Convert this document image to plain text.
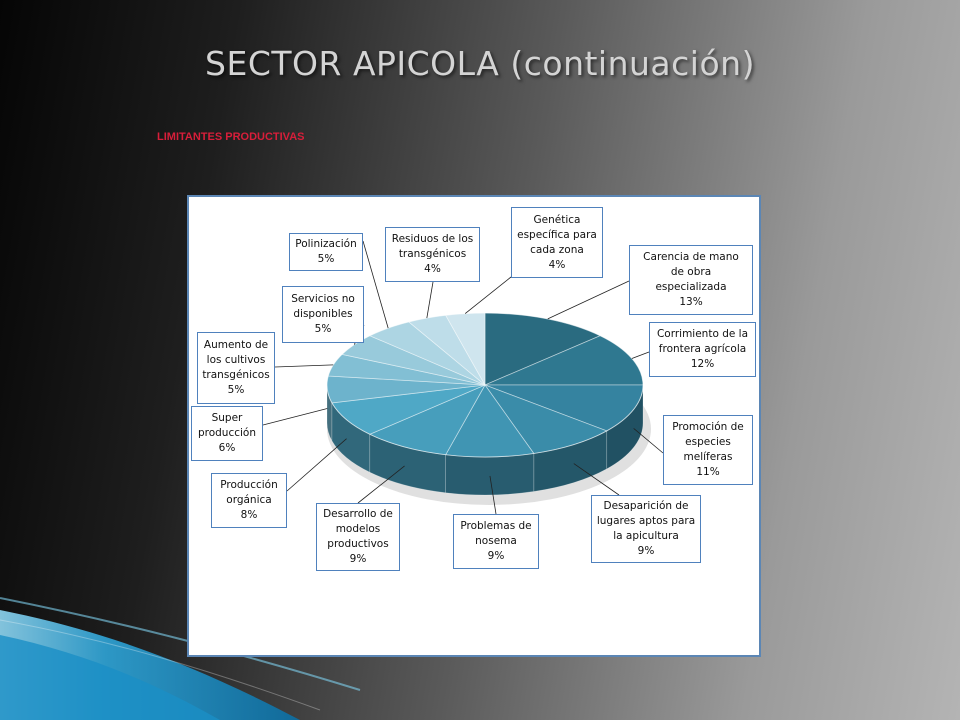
SECTOR APICOLA (continuación)
LIMITANTES PRODUCTIVAS
Carencia de mano
de obra
especializada
13%
Corrimiento de la
frontera agrícola
12%
Promoción de
especies
melíferas
11%
Desaparición de
lugares aptos para
la apicultura
9%
Problemas de
nosema
9%
Desarrollo de
modelos
productivos
9%
Producción
orgánica
8%
Super
producción
6%
Aumento de
los cultivos
transgénicos
5%
Servicios no
disponibles
5%
Polinización
5%
Residuos de los
transgénicos
4%
Genética
específica para
cada zona
4%
